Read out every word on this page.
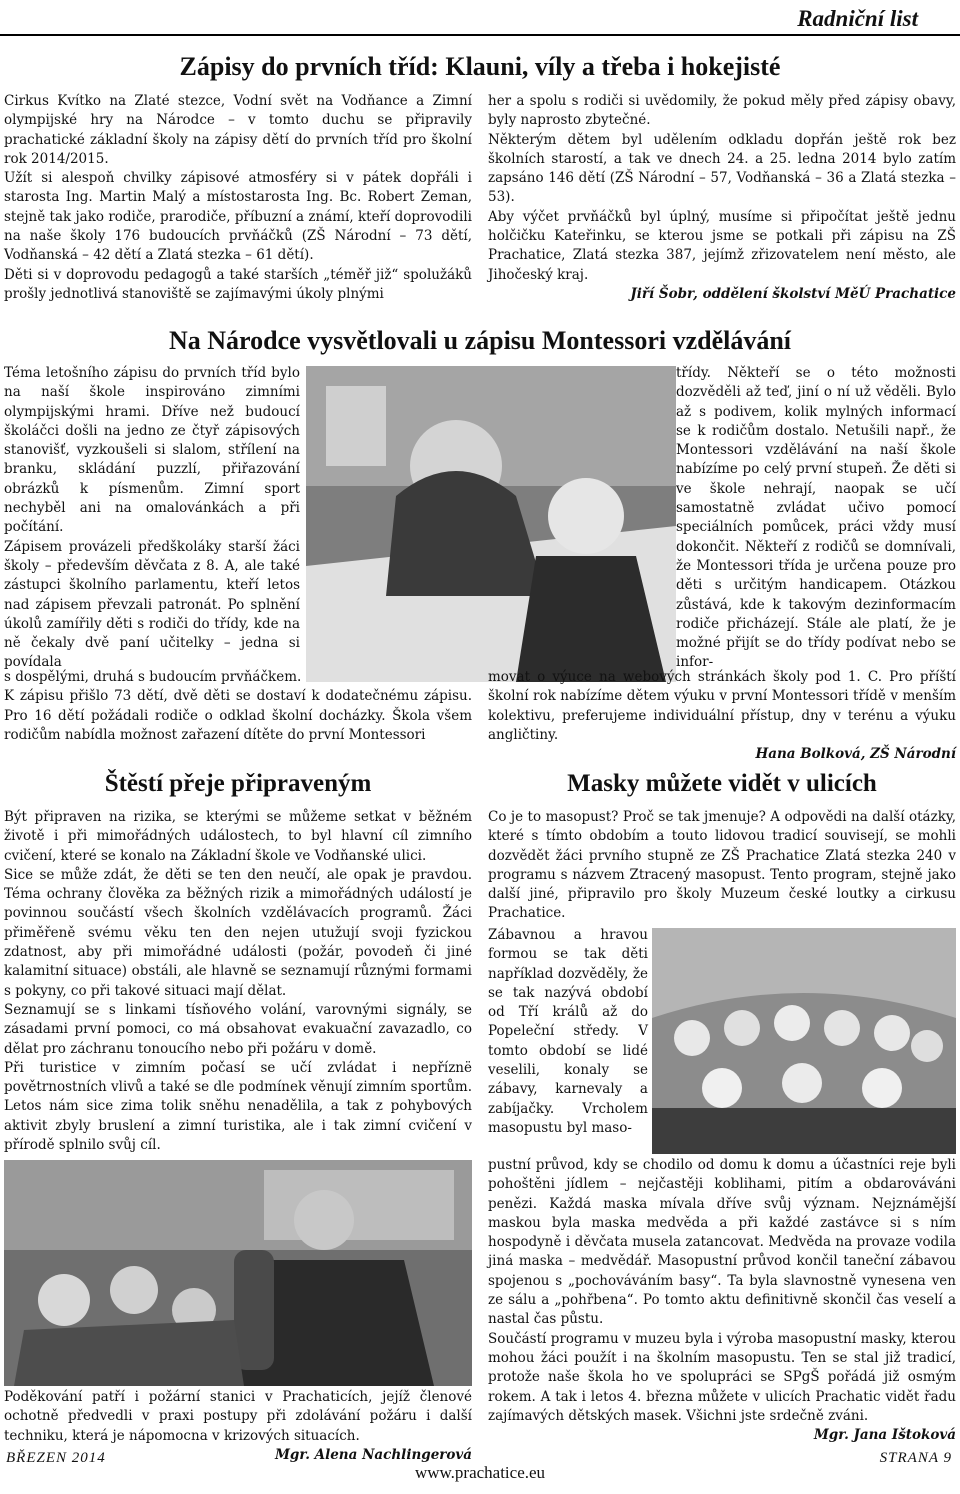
Radniční list
Zápisy do prvních tříd: Klauni, víly a třeba i hokejisté

Cirkus Kvítko na Zlaté stezce, Vodní svět na Vodňance a Zimní olympijské hry na Národce – v tomto duchu se připravily prachatické základní školy na zápisy dětí do prvních tříd pro školní rok 2014/2015.

Užít si alespoň chvilky zápisové atmosféry si v pátek dopřáli i starosta Ing. Martin Malý a místostarosta Ing. Bc. Robert Zeman, stejně tak jako rodiče, prarodiče, příbuzní a známí, kteří doprovodili na naše školy 176 budoucích prvňáčků (ZŠ Národní – 73 dětí, Vodňanská – 42 dětí a Zlatá stezka – 61 dětí).

Děti si v doprovodu pedagogů a také starších „téměř již“ spolužáků prošly jednotlivá stanoviště se zajímavými úkoly plnými

her a spolu s rodiči si uvědomily, že pokud měly před zápisy obavy, byly naprosto zbytečné.

Některým dětem byl udělením odkladu dopřán ještě rok bez školních starostí, a tak ve dnech 24. a 25. ledna 2014 bylo zatím zapsáno 146 dětí (ZŠ Národní – 57, Vodňanská – 36 a Zlatá stezka – 53).

Aby výčet prvňáčků byl úplný, musíme si připočítat ještě jednu holčičku Kateřinku, se kterou jsme se potkali při zápisu na ZŠ Prachatice, Zlatá stezka 387, jejímž zřizovatelem není město, ale Jihočeský kraj.

Jiří Šobr, oddělení školství MěÚ Prachatice

Na Národce vysvětlovali u zápisu Montessori vzdělávání

Téma letošního zápisu do prvních tříd bylo na naší škole inspirováno zimními olympijskými hrami. Dříve než budoucí školáčci došli na jedno ze čtyř zápisových stanovišť, vyzkoušeli si slalom, střílení na branku, skládání puzzlí, přiřazování obrázků k písmenům. Zimní sport nechyběl ani na omalovánkách a při počítání.

Zápisem provázeli předškoláky starší žáci školy – především děvčata z 8. A, ale také zástupci školního parlamentu, kteří letos nad zápisem převzali patronát. Po splnění úkolů zamířily děti s rodiči do třídy, kde na ně čekaly dvě paní učitelky – jedna si povídala

třídy. Někteří se o této možnosti dozvěděli až teď, jiní o ní už věděli. Bylo až s podivem, kolik mylných informací se k rodičům dostalo. Netušili např., že Montessori vzdělávání na naší škole nabízíme po celý první stupeň. Že děti si ve škole nehrají, naopak se učí samostatně zvládat učivo pomocí speciálních pomůcek, práci vždy musí dokončit. Někteří z rodičů se domnívali, že Montessori třída je určena pouze pro děti s určitým handicapem. Otázkou zůstává, kde k takovým dezinformacím rodiče přicházejí. Stále ale platí, že je možné přijít se do třídy podívat nebo se infor-

s dospělými, druhá s budoucím prvňáčkem.

K zápisu přišlo 73 dětí, dvě děti se dostaví k dodatečnému zápisu. Pro 16 dětí požádali rodiče o odklad školní docházky. Škola všem rodičům nabídla možnost zařazení dítěte do první Montessori

movat o výuce na webových stránkách školy pod 1. C. Pro příští školní rok nabízíme dětem výuku v první Montessori třídě v menším kolektivu, preferujeme individuální přístup, dny v terénu a výuku angličtiny.

Hana Bolková, ZŠ Národní

Štěstí přeje připraveným

Být připraven na rizika, se kterými se můžeme setkat v běžném životě i při mimořádných událostech, to byl hlavní cíl zimního cvičení, které se konalo na Základní škole ve Vodňanské ulici.

Sice se může zdát, že děti se ten den neučí, ale opak je pravdou. Téma ochrany člověka za běžných rizik a mimořádných událostí je povinnou součástí všech školních vzdělávacích programů. Žáci přiměřeně svému věku ten den nejen utužují svoji fyzickou zdatnost, aby při mimořádné události (požár, povodeň či jiné kalamitní situace) obstáli, ale hlavně se seznamují různými formami s pokyny, co při takové situaci mají dělat.

Seznamují se s linkami tísňového volání, varovnými signály, se zásadami první pomoci, co má obsahovat evakuační zavazadlo, co dělat pro záchranu tonoucího nebo při požáru v domě.

Při turistice v zimním počasí se učí zvládat i nepříznë povětrnostních vlivů a také se dle podmínek věnují zimním sportům. Letos nám sice zima tolik sněhu nenadělila, a tak z pohybových aktivit zbyly bruslení a zimní turistika, ale i tak zimní cvičení v přírodě splnilo svůj cíl.

Poděkování patří i požární stanici v Prachaticích, jejíž členové ochotně předvedli v praxi postupy při zdolávání požáru i další techniku, která je nápomocna v krizových situacích.

Mgr. Alena Nachlingerová

Masky můžete vidět v ulicích

Co je to masopust? Proč se tak jmenuje? A odpovědi na další otázky, které s tímto obdobím a touto lidovou tradicí souvisejí, se mohli dozvědět žáci prvního stupně ze ZŠ Prachatice Zlatá stezka 240 v programu s názvem Ztracený masopust. Tento program, stejně jako další jiné, připravilo pro školy Muzeum české loutky a cirkusu Prachatice.

Zábavnou a hravou formou se tak děti například dozvěděly, že se tak nazývá období od Tří králů až do Popeleční středy. V tomto období se lidé veselili, konaly se zábavy, karnevaly a zabíjačky. Vrcholem masopustu byl maso-

pustní průvod, kdy se chodilo od domu k domu a účastníci reje byli pohoštěni jídlem – nejčastěji koblihami, pitím a obdarováváni penězi. Každá maska mívala dříve svůj význam. Nejznámější maskou byla maska medvěda a při každé zastávce si s ním hospodyně i děvčata musela zatancovat. Medvěda na provaze vodila jiná maska – medvědář. Masopustní průvod končil taneční zábavou spojenou s „pochováváním basy“. Ta byla slavnostně vynesena ven ze sálu a „pohřbena“. Po tomto aktu definitivně skončil čas veselí a nastal čas půstu.

Součástí programu v muzeu byla i výroba masopustní masky, kterou mohou žáci použít i na školním masopustu. Ten se stal již tradicí, protože naše škola ho ve spolupráci se SPgŠ pořádá již osmým rokem. A tak i letos 4. března můžete v ulicích Prachatic vidět řadu zajímavých dětských masek. Všichni jste srdečně zváni.

Mgr. Jana Ištoková

BŘEZEN 2014	STRANA 9
www.prachatice.eu
